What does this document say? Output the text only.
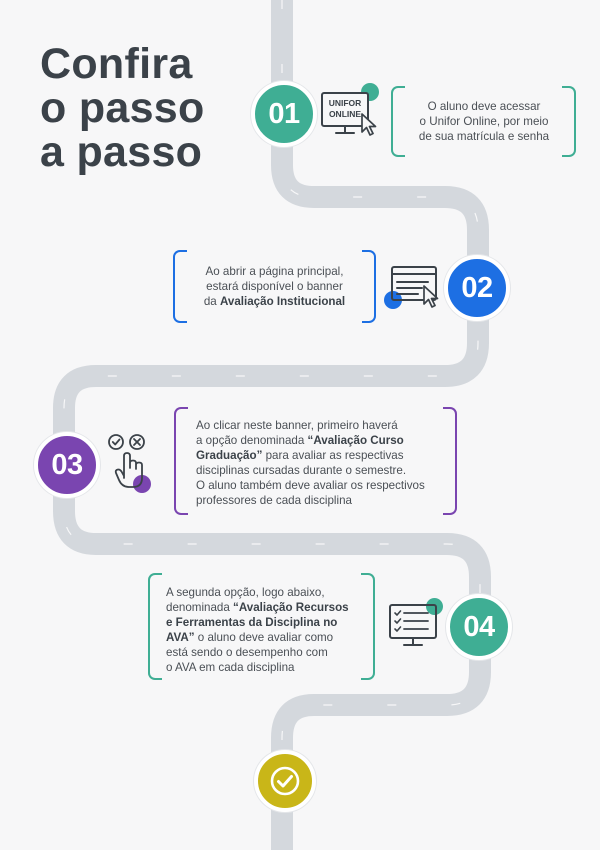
Confira
o passo
a passo
01	UNIFOR
ONLINE

O aluno deve acessar
o Unifor Online, por meio
de sua matrícula e senha

02

Ao abrir a página principal,
estará disponível o banner
da Avaliação Institucional

03

Ao clicar neste banner, primeiro haverá
a opção denominada “Avaliação Curso
Graduação” para avaliar as respectivas
disciplinas cursadas durante o semestre.
O aluno também deve avaliar os respectivos
professores de cada disciplina

04

A segunda opção, logo abaixo,
denominada “Avaliação Recursos
e Ferramentas da Disciplina no
AVA” o aluno deve avaliar como
está sendo o desempenho com
o AVA em cada disciplina
